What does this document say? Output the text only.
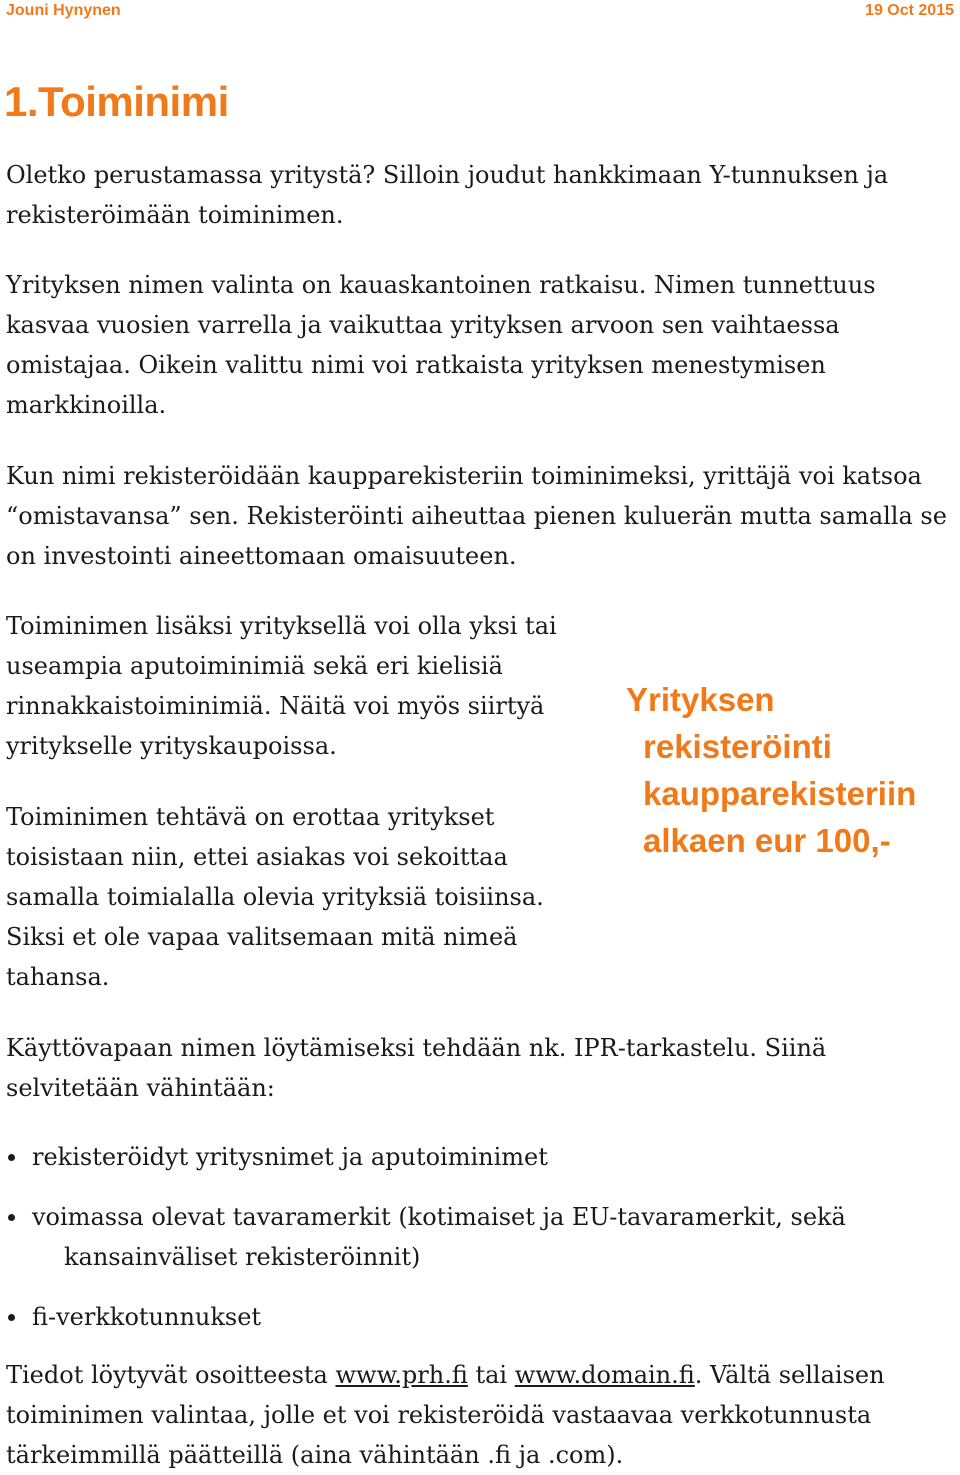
Jouni Hynynen	19 Oct 2015
1.Toiminimi

Oletko perustamassa yritystä? Silloin joudut hankkimaan Y-tunnuksen ja rekisteröimään toiminimen.

Yrityksen nimen valinta on kauaskantoinen ratkaisu. Nimen tunnettuus kasvaa vuosien varrella ja vaikuttaa yrityksen arvoon sen vaihtaessa omistajaa. Oikein valittu nimi voi ratkaista yrityksen menestymisen markkinoilla.

Kun nimi rekisteröidään kaupparekisteriin toiminimeksi, yrittäjä voi katsoa “omistavansa” sen. Rekisteröinti aiheuttaa pienen kuluerän mutta samalla se on investointi aineettomaan omaisuuteen.

Toiminimen lisäksi yrityksellä voi olla yksi tai useampia aputoiminimiä sekä eri kielisiä rinnakkaistoiminimiä. Näitä voi myös siirtyä yritykselle yrityskaupoissa.

Toiminimen tehtävä on erottaa yritykset toisistaan niin, ettei asiakas voi sekoittaa samalla toimialalla olevia yrityksiä toisiinsa. Siksi et ole vapaa valitsemaan mitä nimeä tahansa.

Yrityksen
rekisteröinti
kaupparekisteriin
alkaen eur 100,-

Käyttövapaan nimen löytämiseksi tehdään nk. IPR-tarkastelu. Siinä selvitetään vähintään:

rekisteröidyt yritysnimet ja aputoiminimet
voimassa olevat tavaramerkit (kotimaiset ja EU-tavaramerkit, sekä
kansainväliset rekisteröinnit)
fi-verkkotunnukset

Tiedot löytyvät osoitteesta www.prh.fi tai www.domain.fi. Vältä sellaisen toiminimen valintaa, jolle et voi rekisteröidä vastaavaa verkkotunnusta tärkeimmillä päätteillä (aina vähintään .fi ja .com).
